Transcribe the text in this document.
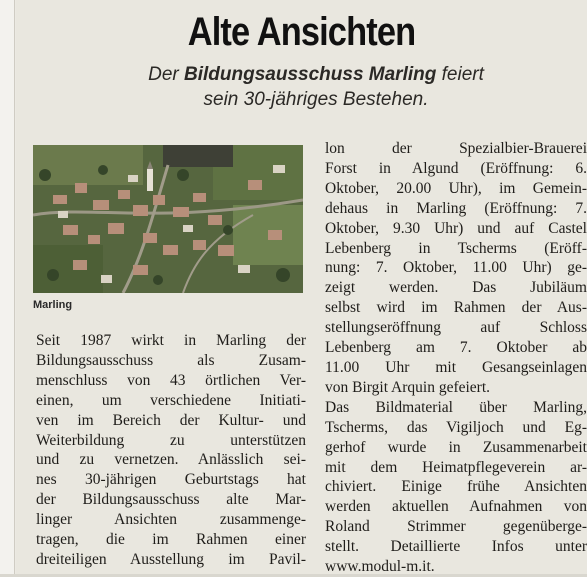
Alte Ansichten
Der Bildungsausschuss Marling feiert
sein 30-jähriges Bestehen.
Marling
Seit 1987 wirkt in Marling der
Bildungsausschuss als Zusam-
menschluss von 43 örtlichen Ver-
einen, um verschiedene Initiati-
ven im Bereich der Kultur- und
Weiterbildung zu unterstützen
und zu vernetzen. Anlässlich sei-
nes 30-jährigen Geburtstags hat
der Bildungsausschuss alte Mar-
linger Ansichten zusammenge-
tragen, die im Rahmen einer
dreiteiligen Ausstellung im Pavil-
lon der Spezialbier-Brauerei
Forst in Algund (Eröffnung: 6.
Oktober, 20.00 Uhr), im Gemein-
dehaus in Marling (Eröffnung: 7.
Oktober, 9.30 Uhr) und auf Castel
Lebenberg in Tscherms (Eröff-
nung: 7. Oktober, 11.00 Uhr) ge-
zeigt werden. Das Jubiläum
selbst wird im Rahmen der Aus-
stellungseröffnung auf Schloss
Lebenberg am 7. Oktober ab
11.00 Uhr mit Gesangseinlagen
von Birgit Arquin gefeiert.
Das Bildmaterial über Marling,
Tscherms, das Vigiljoch und Eg-
gerhof wurde in Zusammenarbeit
mit dem Heimatpflegeverein ar-
chiviert. Einige frühe Ansichten
werden aktuellen Aufnahmen von
Roland Strimmer gegenüberge-
stellt. Detaillierte Infos unter
www.modul-m.it.
